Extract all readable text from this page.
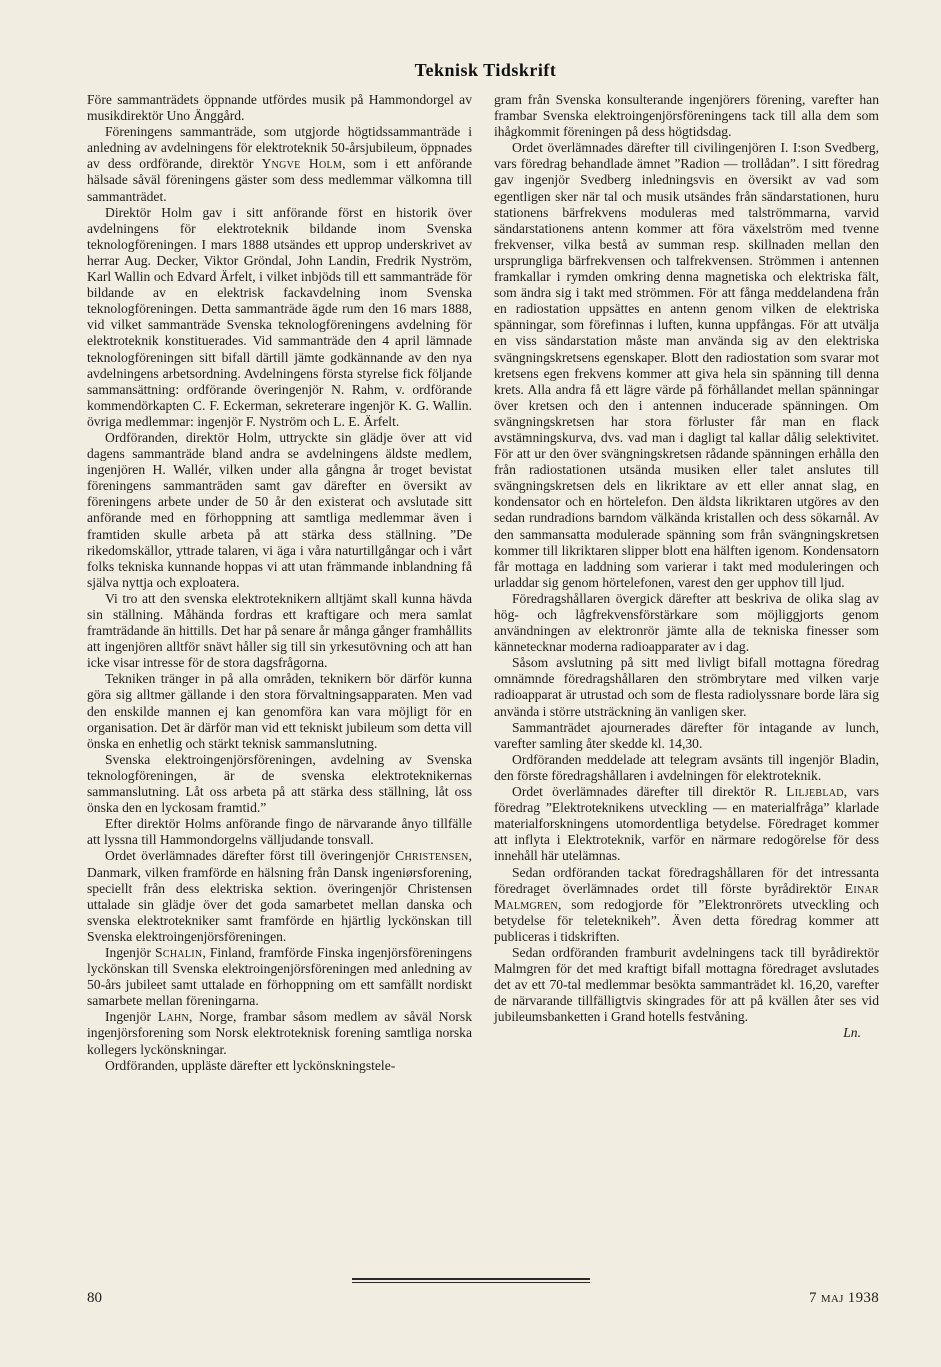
Teknisk Tidskrift

Före sammanträdets öppnande utfördes musik på Hammondorgel av musikdirektör Uno Änggård.

Föreningens sammanträde, som utgjorde högtidssammanträde i anledning av avdelningens för elektroteknik 50-årsjubileum, öppnades av dess ordförande, direktör Yngve Holm, som i ett anförande hälsade såväl föreningens gäster som dess medlemmar välkomna till sammanträdet.

Direktör Holm gav i sitt anförande först en historik över avdelningens för elektroteknik bildande inom Svenska teknologföreningen. I mars 1888 utsändes ett upprop underskrivet av herrar Aug. Decker, Viktor Gröndal, John Landin, Fredrik Nyström, Karl Wallin och Edvard Ärfelt, i vilket inbjöds till ett sammanträde för bildande av en elektrisk fackavdelning inom Svenska teknologföreningen. Detta sammanträde ägde rum den 16 mars 1888, vid vilket sammanträde Svenska teknologföreningens avdelning för elektroteknik konstituerades. Vid sammanträde den 4 april lämnade teknologföreningen sitt bifall därtill jämte godkännande av den nya avdelningens arbetsordning. Avdelningens första styrelse fick följande sammansättning: ordförande överingenjör N. Rahm, v. ordförande kommendörkapten C. F. Eckerman, sekreterare ingenjör K. G. Wallin. övriga medlemmar: ingenjör F. Nyström och L. E. Ärfelt.

Ordföranden, direktör Holm, uttryckte sin glädje över att vid dagens sammanträde bland andra se avdelningens äldste medlem, ingenjören H. Wallér, vilken under alla gångna år troget bevistat föreningens sammanträden samt gav därefter en översikt av föreningens arbete under de 50 år den existerat och avslutade sitt anförande med en förhoppning att samtliga medlemmar även i framtiden skulle arbeta på att stärka dess ställning. ”De rikedomskällor, yttrade talaren, vi äga i våra naturtillgångar och i vårt folks tekniska kunnande hoppas vi att utan främmande inblandning få själva nyttja och exploatera.

Vi tro att den svenska elektroteknikern alltjämt skall kunna hävda sin ställning. Måhända fordras ett kraftigare och mera samlat framträdande än hittills. Det har på senare år många gånger framhållits att ingenjören alltför snävt håller sig till sin yrkesutövning och att han icke visar intresse för de stora dagsfrågorna.

Tekniken tränger in på alla områden, teknikern bör därför kunna göra sig alltmer gällande i den stora förvaltningsapparaten. Men vad den enskilde mannen ej kan genomföra kan vara möjligt för en organisation. Det är därför man vid ett tekniskt jubileum som detta vill önska en enhetlig och stärkt teknisk sammanslutning.

Svenska elektroingenjörsföreningen, avdelning av Svenska teknologföreningen, är de svenska elektroteknikernas sammanslutning. Låt oss arbeta på att stärka dess ställning, låt oss önska den en lyckosam framtid.”

Efter direktör Holms anförande fingo de närvarande ånyo tillfälle att lyssna till Hammondorgelns välljudande tonsvall.

Ordet överlämnades därefter först till överingenjör Christensen, Danmark, vilken framförde en hälsning från Dansk ingeniørsforening, speciellt från dess elektriska sektion. överingenjör Christensen uttalade sin glädje över det goda samarbetet mellan danska och svenska elektrotekniker samt framförde en hjärtlig lyckönskan till Svenska elektroingenjörsföreningen.

Ingenjör Schalin, Finland, framförde Finska ingenjörsföreningens lyckönskan till Svenska elektroingenjörsföreningen med anledning av 50-års jubileet samt uttalade en förhoppning om ett samfällt nordiskt samarbete mellan föreningarna.

Ingenjör Lahn, Norge, frambar såsom medlem av såväl Norsk ingenjörsforening som Norsk elektroteknisk forening samtliga norska kollegers lyckönskningar.

Ordföranden, uppläste därefter ett lyckönskningstele-

gram från Svenska konsulterande ingenjörers förening, varefter han frambar Svenska elektroingenjörsföreningens tack till alla dem som ihågkommit föreningen på dess högtidsdag.

Ordet överlämnades därefter till civilingenjören I. I:son Svedberg, vars föredrag behandlade ämnet ”Radion — trollådan”. I sitt föredrag gav ingenjör Svedberg inledningsvis en översikt av vad som egentligen sker när tal och musik utsändes från sändarstationen, huru stationens bärfrekvens moduleras med talströmmarna, varvid sändarstationens antenn kommer att föra växelström med tvenne frekvenser, vilka bestå av summan resp. skillnaden mellan den ursprungliga bärfrekvensen och talfrekvensen. Strömmen i antennen framkallar i rymden omkring denna magnetiska och elektriska fält, som ändra sig i takt med strömmen. För att fånga meddelandena från en radiostation uppsättes en antenn genom vilken de elektriska spänningar, som förefinnas i luften, kunna uppfångas. För att utvälja en viss sändarstation måste man använda sig av den elektriska svängningskretsens egenskaper. Blott den radiostation som svarar mot kretsens egen frekvens kommer att giva hela sin spänning till denna krets. Alla andra få ett lägre värde på förhållandet mellan spänningar över kretsen och den i antennen inducerade spänningen. Om svängningskretsen har stora förluster får man en flack avstämningskurva, dvs. vad man i dagligt tal kallar dålig selektivitet. För att ur den över svängningskretsen rådande spänningen erhålla den från radiostationen utsända musiken eller talet anslutes till svängningskretsen dels en likriktare av ett eller annat slag, en kondensator och en hörtelefon. Den äldsta likriktaren utgöres av den sedan rundradions barndom välkända kristallen och dess sökarnål. Av den sammansatta modulerade spänning som från svängningskretsen kommer till likriktaren slipper blott ena hälften igenom. Kondensatorn får mottaga en laddning som varierar i takt med moduleringen och urladdar sig genom hörtelefonen, varest den ger upphov till ljud.

Föredragshållaren övergick därefter att beskriva de olika slag av hög- och lågfrekvensförstärkare som möjliggjorts genom användningen av elektronrör jämte alla de tekniska finesser som kännetecknar moderna radioapparater av i dag.

Såsom avslutning på sitt med livligt bifall mottagna föredrag omnämnde föredragshållaren den strömbrytare med vilken varje radioapparat är utrustad och som de flesta radiolyssnare borde lära sig använda i större utsträckning än vanligen sker.

Sammanträdet ajournerades därefter för intagande av lunch, varefter samling åter skedde kl. 14,30.

Ordföranden meddelade att telegram avsänts till ingenjör Bladin, den förste föredragshållaren i avdelningen för elektroteknik.

Ordet överlämnades därefter till direktör R. Liljeblad, vars föredrag ”Elektroteknikens utveckling — en materialfråga” klarlade materialforskningens utomordentliga betydelse. Föredraget kommer att inflyta i Elektroteknik, varför en närmare redogörelse för dess innehåll här utelämnas.

Sedan ordföranden tackat föredragshållaren för det intressanta föredraget överlämnades ordet till förste byrådirektör Einar Malmgren, som redogjorde för ”Elektronrörets utveckling och betydelse för teleteknikeh”. Även detta föredrag kommer att publiceras i tidskriften.

Sedan ordföranden framburit avdelningens tack till byrådirektör Malmgren för det med kraftigt bifall mottagna föredraget avslutades det av ett 70-tal medlemmar besökta sammanträdet kl. 16,20, varefter de närvarande tillfälligtvis skingrades för att på kvällen åter ses vid jubileumsbanketten i Grand hotells festvåning.

Ln.

80	7 maj 1938
